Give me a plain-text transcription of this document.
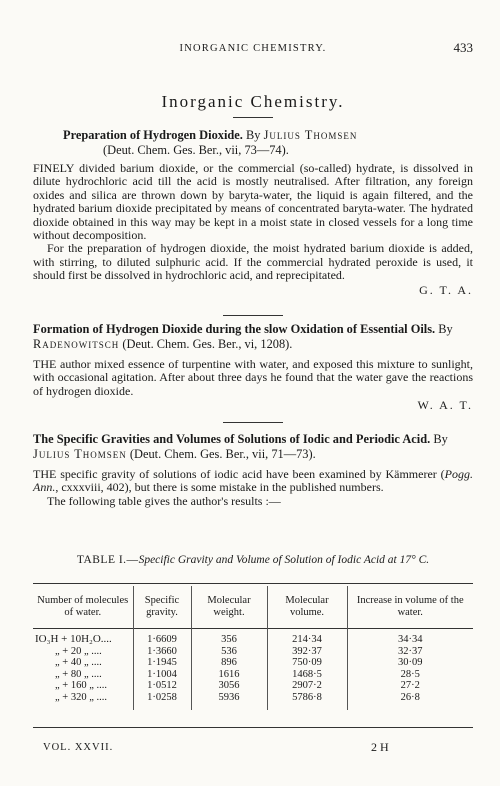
INORGANIC CHEMISTRY.	433
Inorganic Chemistry.
Preparation of Hydrogen Dioxide. By Julius Thomsen
(Deut. Chem. Ges. Ber., vii, 73—74).
FINELY divided barium dioxide, or the commercial (so-called) hydrate, is dissolved in dilute hydrochloric acid till the acid is mostly neutralised. After filtration, any foreign oxides and silica are thrown down by baryta-water, the liquid is again filtered, and the hydrated barium dioxide precipitated by means of concentrated baryta-water. The hydrated dioxide obtained in this way may be kept in a moist state in closed vessels for a long time without decomposition.
For the preparation of hydrogen dioxide, the moist hydrated barium dioxide is added, with stirring, to diluted sulphuric acid. If the commercial hydrated peroxide is used, it should first be dissolved in hydrochloric acid, and reprecipitated.
G. T. A.
Formation of Hydrogen Dioxide during the slow Oxidation of Essential Oils. By Radenowitsch (Deut. Chem. Ges. Ber., vi, 1208).
THE author mixed essence of turpentine with water, and exposed this mixture to sunlight, with occasional agitation. After about three days he found that the water gave the reactions of hydrogen dioxide.
W. A. T.
The Specific Gravities and Volumes of Solutions of Iodic and Periodic Acid. By Julius Thomsen (Deut. Chem. Ges. Ber., vii, 71—73).
THE specific gravity of solutions of iodic acid have been examined by Kämmerer (Pogg. Ann., cxxxviii, 402), but there is some mistake in the published numbers.
The following table gives the author's results :—
TABLE I.—Specific Gravity and Volume of Solution of Iodic Acid at 17° C.
Number of molecules of water.	Specific gravity.	Molecular weight.	Molecular volume.	Increase in volume of the water.

IO₃H + 10H₂O....	1·6609	356	214·34	34·34
„ + 20 „ ....	1·3660	536	392·37	32·37
„ + 40 „ ....	1·1945	896	750·09	30·09
„ + 80 „ ....	1·1004	1616	1468·5	28·5
„ + 160 „ ....	1·0512	3056	2907·2	27·2
„ + 320 „ ....	1·0258	5936	5786·8	26·8

VOL. XXVII.	2 H
